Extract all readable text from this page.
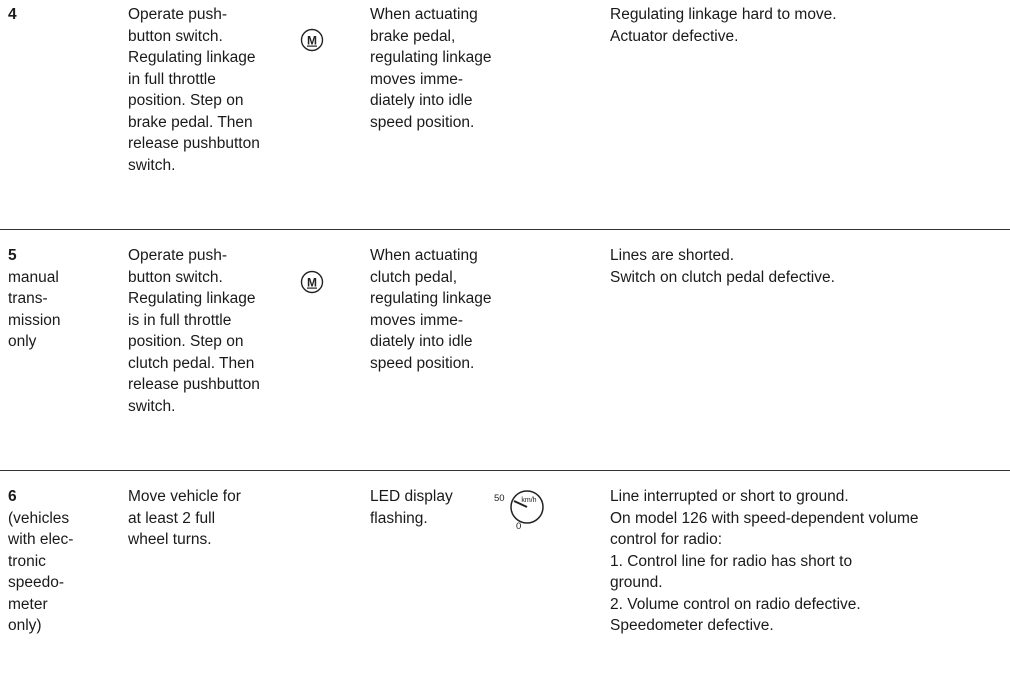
4	Operate push-
button switch.
Regulating linkage
in full throttle
position. Step on
brake pedal. Then
release pushbutton
switch.
M
When actuating
brake pedal,
regulating linkage
moves imme-
diately into idle
speed position.
Regulating linkage hard to move.
Actuator defective.
5
manual
trans-
mission
only
Operate push-
button switch.
Regulating linkage
is in full throttle
position. Step on
clutch pedal. Then
release pushbutton
switch.
M
When actuating
clutch pedal,
regulating linkage
moves imme-
diately into idle
speed position.
Lines are shorted.
Switch on clutch pedal defective.
6
(vehicles
with elec-
tronic
speedo-
meter
only)
Move vehicle for
at least 2 full
wheel turns.
LED display
flashing.
50 km/h
0
Line interrupted or short to ground.
On model 126 with speed-dependent volume
control for radio:
1. Control line for radio has short to
ground.
2. Volume control on radio defective.
Speedometer defective.
